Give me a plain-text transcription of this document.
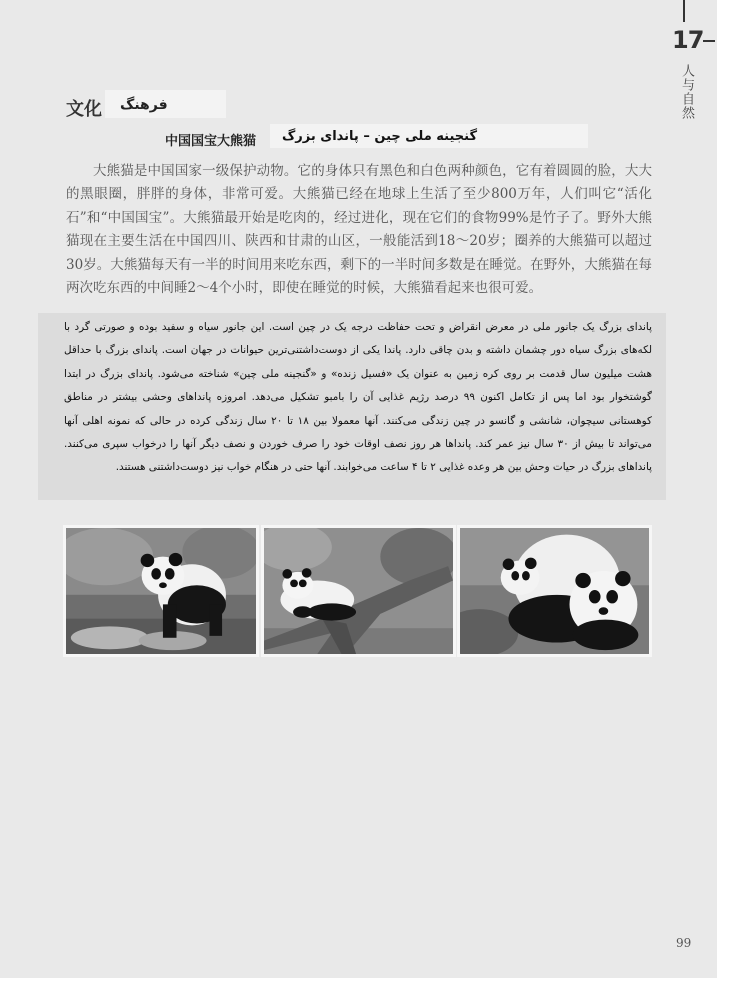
17
人与自然
文化 فرهنگ
中国国宝大熊猫 گنجینه ملی چین – پاندای بزرگ

大熊猫是中国国家一级保护动物。它的身体只有黑色和白色两种颜色，它有着圆圆的脸，大大的黑眼圈，胖胖的身体，非常可爱。大熊猫已经在地球上生活了至少800万年，人们叫它“活化石”和“中国国宝”。大熊猫最开始是吃肉的，经过进化，现在它们的食物99%是竹子了。野外大熊猫现在主要生活在中国四川、陕西和甘肃的山区，一般能活到18～20岁；圈养的大熊猫可以超过30岁。大熊猫每天有一半的时间用来吃东西，剩下的一半时间多数是在睡觉。在野外，大熊猫在每两次吃东西的中间睡2～4个小时，即使在睡觉的时候，大熊猫看起来也很可爱。

پاندای بزرگ یک جانور ملی در معرض انقراض و تحت حفاظت درجه یک در چین است. این جانور سیاه و سفید بوده و صورتی گرد با لکه‌های بزرگ سیاه دور چشمان داشته و بدن چاقی دارد. پاندا یکی از دوست‌داشتنی‌ترین حیوانات در جهان است. پاندای بزرگ با حداقل هشت میلیون سال قدمت بر روی کره زمین به عنوان یک «فسیل زنده» و «گنجینه ملی چین» شناخته می‌شود. پاندای بزرگ در ابتدا گوشتخوار بود اما پس از تکامل اکنون ۹۹ درصد رژیم غذایی آن را بامبو تشکیل می‌دهد. امروزه پانداهای وحشی بیشتر در مناطق کوهستانی سیچوان، شانشی و گانسو در چین زندگی می‌کنند. آنها معمولا بین ۱۸ تا ۲۰ سال زندگی کرده در حالی که نمونه اهلی آنها می‌تواند تا بیش از ۳۰ سال نیز عمر کند. پانداها هر روز نصف اوقات خود را صرف خوردن و نصف دیگر آنها را درخواب سپری می‌کنند. پانداهای بزرگ در حیات وحش بین هر وعده غذایی ۲ تا ۴ ساعت می‌خوابند. آنها حتی در هنگام خواب نیز دوست‌داشتنی هستند.

99
